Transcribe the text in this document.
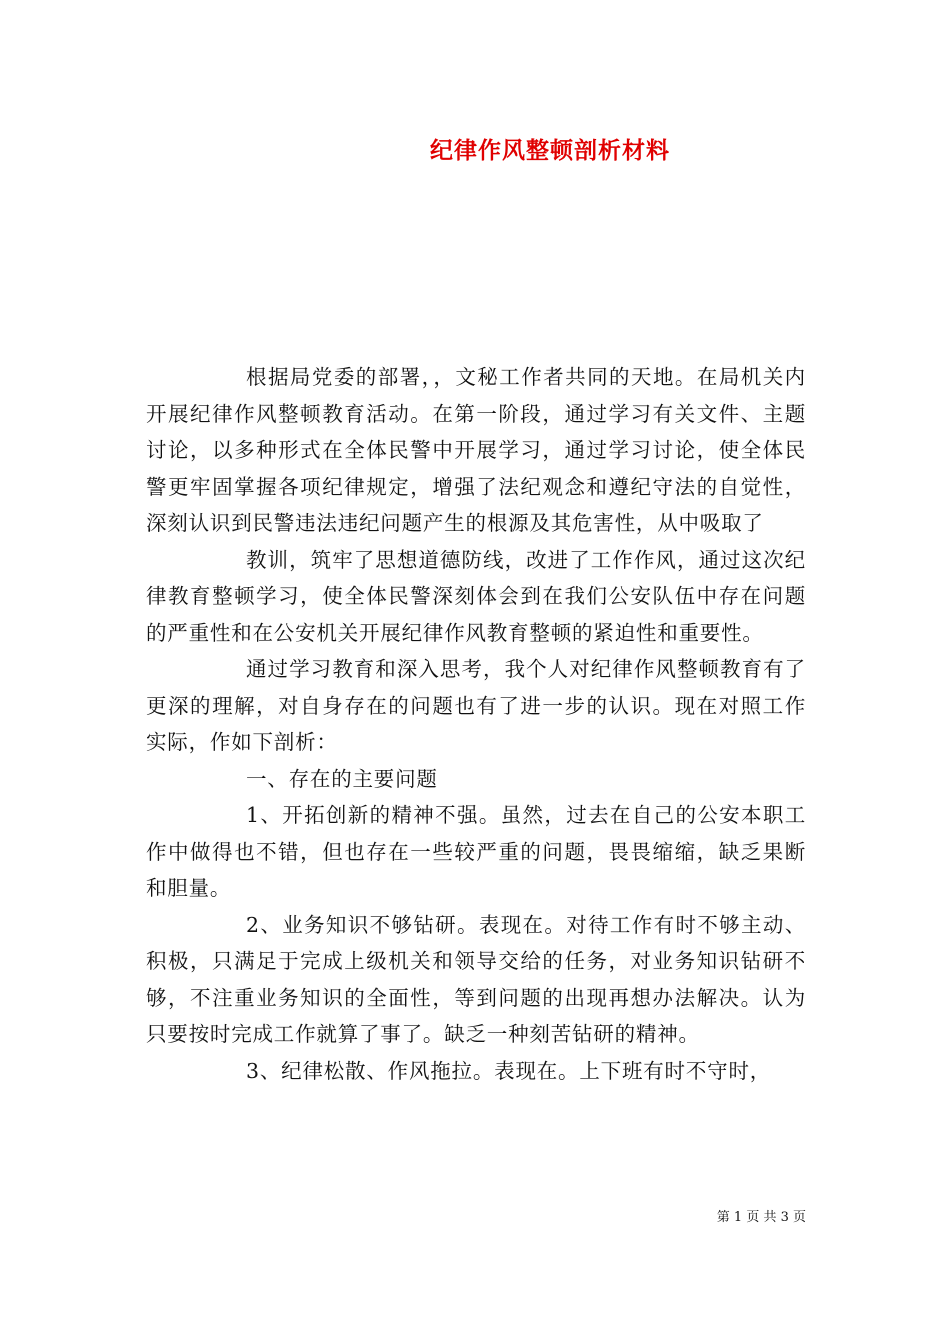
纪律作风整顿剖析材料

根据局党委的部署，，文秘工作者共同的天地。在局机关内开展纪律作风整顿教育活动。在第一阶段，通过学习有关文件、主题讨论，以多种形式在全体民警中开展学习，通过学习讨论，使全体民警更牢固掌握各项纪律规定，增强了法纪观念和遵纪守法的自觉性，深刻认识到民警违法违纪问题产生的根源及其危害性，从中吸取了

教训，筑牢了思想道德防线，改进了工作作风，通过这次纪律教育整顿学习，使全体民警深刻体会到在我们公安队伍中存在问题的严重性和在公安机关开展纪律作风教育整顿的紧迫性和重要性。

通过学习教育和深入思考，我个人对纪律作风整顿教育有了更深的理解，对自身存在的问题也有了进一步的认识。现在对照工作实际，作如下剖析：

一、存在的主要问题

1、开拓创新的精神不强。虽然，过去在自己的公安本职工作中做得也不错，但也存在一些较严重的问题，畏畏缩缩，缺乏果断和胆量。

2、业务知识不够钻研。表现在。对待工作有时不够主动、积极，只满足于完成上级机关和领导交给的任务，对业务知识钻研不够，不注重业务知识的全面性，等到问题的出现再想办法解决。认为只要按时完成工作就算了事了。缺乏一种刻苦钻研的精神。

3、纪律松散、作风拖拉。表现在。上下班有时不守时，

第 1 页 共 3 页
